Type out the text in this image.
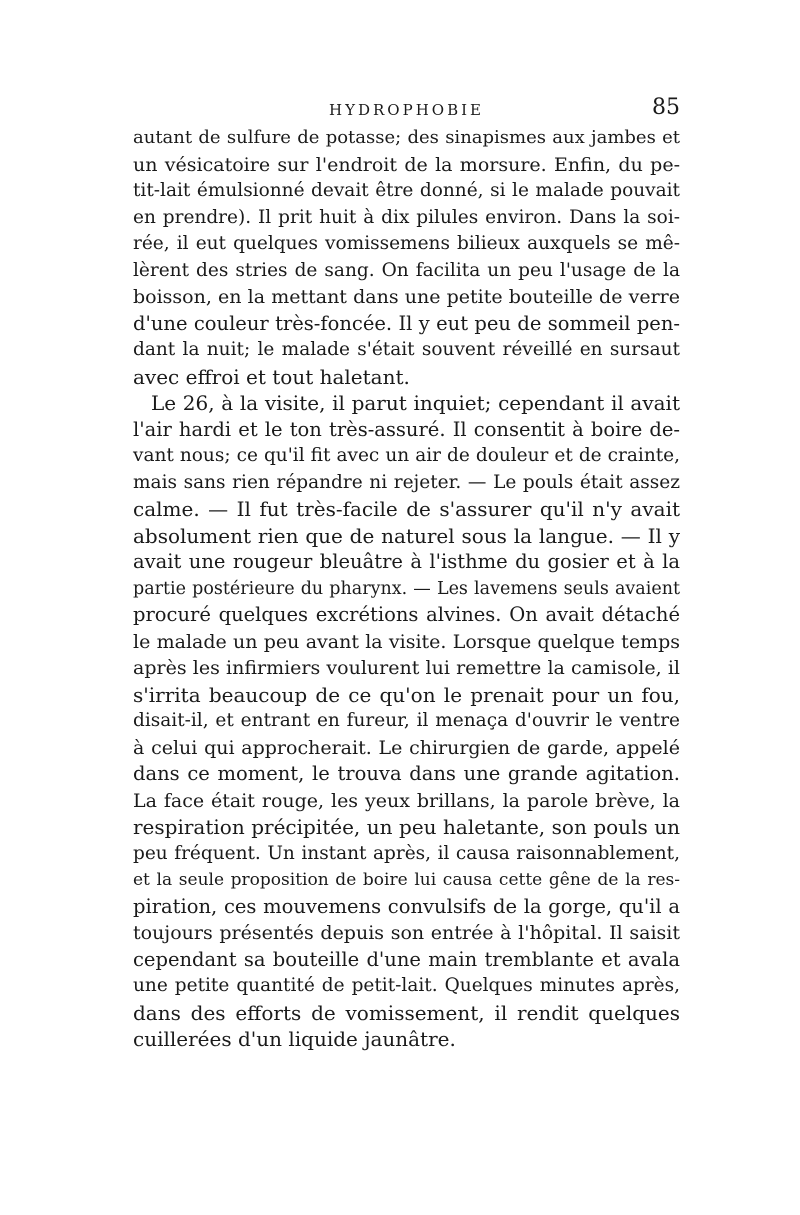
HYDROPHOBIE	85
autant de sulfure de potasse; des sinapismes aux jambes et
un vésicatoire sur l'endroit de la morsure. Enfin, du pe-
tit-lait émulsionné devait être donné, si le malade pouvait
en prendre). Il prit huit à dix pilules environ. Dans la soi-
rée, il eut quelques vomissemens bilieux auxquels se mê-
lèrent des stries de sang. On facilita un peu l'usage de la
boisson, en la mettant dans une petite bouteille de verre
d'une couleur très-foncée. Il y eut peu de sommeil pen-
dant la nuit; le malade s'était souvent réveillé en sursaut
avec effroi et tout haletant.
Le 26, à la visite, il parut inquiet; cependant il avait
l'air hardi et le ton très-assuré. Il consentit à boire de-
vant nous; ce qu'il fit avec un air de douleur et de crainte,
mais sans rien répandre ni rejeter. — Le pouls était assez
calme. — Il fut très-facile de s'assurer qu'il n'y avait
absolument rien que de naturel sous la langue. — Il y
avait une rougeur bleuâtre à l'isthme du gosier et à la
partie postérieure du pharynx. — Les lavemens seuls avaient
procuré quelques excrétions alvines. On avait détaché
le malade un peu avant la visite. Lorsque quelque temps
après les infirmiers voulurent lui remettre la camisole, il
s'irrita beaucoup de ce qu'on le prenait pour un fou,
disait-il, et entrant en fureur, il menaça d'ouvrir le ventre
à celui qui approcherait. Le chirurgien de garde, appelé
dans ce moment, le trouva dans une grande agitation.
La face était rouge, les yeux brillans, la parole brève, la
respiration précipitée, un peu haletante, son pouls un
peu fréquent. Un instant après, il causa raisonnablement,
et la seule proposition de boire lui causa cette gêne de la res-
piration, ces mouvemens convulsifs de la gorge, qu'il a
toujours présentés depuis son entrée à l'hôpital. Il saisit
cependant sa bouteille d'une main tremblante et avala
une petite quantité de petit-lait. Quelques minutes après,
dans des efforts de vomissement, il rendit quelques
cuillerées d'un liquide jaunâtre.
